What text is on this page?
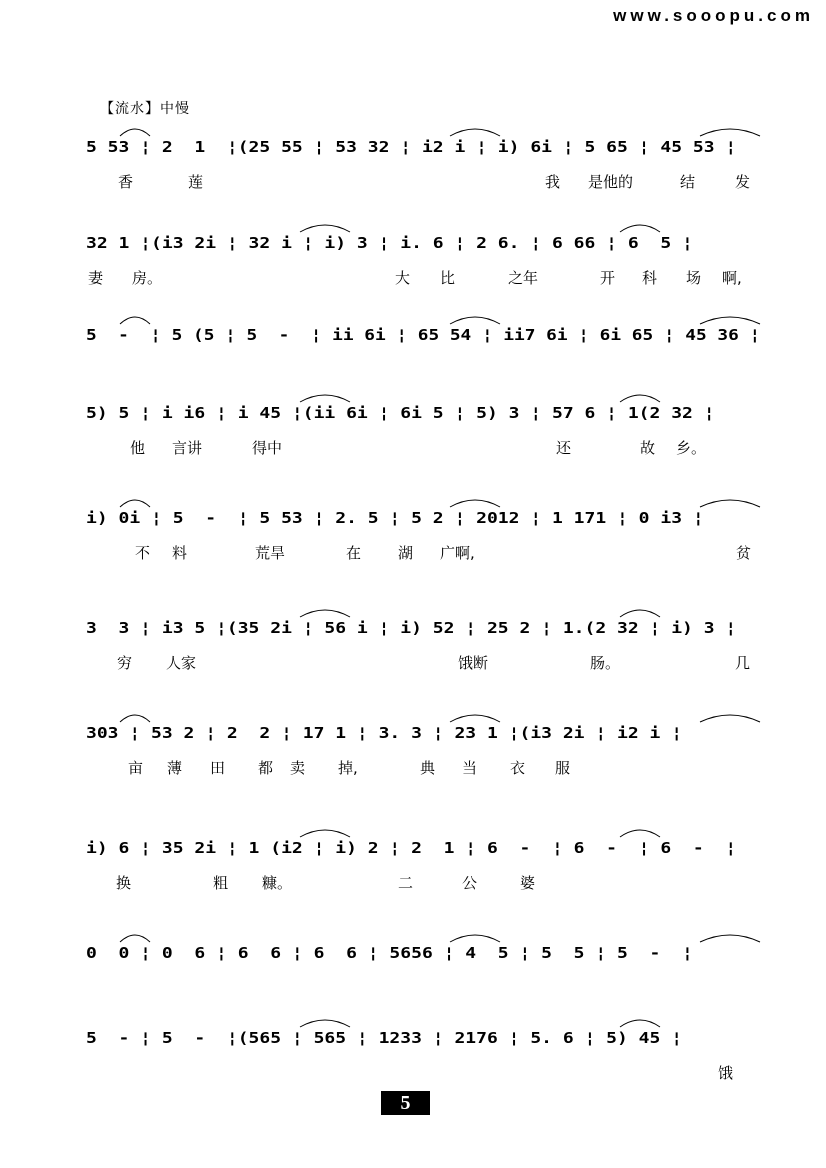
www.sooopu.com
【流水】中慢
5 53 ¦ 2  1  ¦(25 55 ¦ 53 32 ¦ i2 i ¦ i) 6i ¦ 5 65 ¦ 45 53 ¦
香	莲	我 是他的	结	发
32 1 ¦(i3 2i ¦ 32 i ¦ i) 3 ¦ i. 6 ¦ 2 6. ¦ 6 66 ¦ 6  5 ¦
妻 房。	大 比	之年	开 科 场 啊,
5  -  ¦ 5 (5 ¦ 5  -  ¦ ii 6i ¦ 65 54 ¦ ii7 6i ¦ 6i 65 ¦ 45 36 ¦
5) 5 ¦ i i6 ¦ i 45 ¦(ii 6i ¦ 6i 5 ¦ 5) 3 ¦ 57 6 ¦ 1(2 32 ¦
他 言讲	得中	还	故 乡。
i) 0i ¦ 5  -  ¦ 5 53 ¦ 2. 5 ¦ 5 2 ¦ 2012 ¦ 1 171 ¦ 0 i3 ¦
不 料	荒旱	在 湖 广啊,	贫
3  3 ¦ i3 5 ¦(35 2i ¦ 56 i ¦ i) 52 ¦ 25 2 ¦ 1.(2 32 ¦ i) 3 ¦
穷 人家	饿断	肠。	几
303 ¦ 53 2 ¦ 2  2 ¦ 17 1 ¦ 3. 3 ¦ 23 1 ¦(i3 2i ¦ i2 i ¦
亩 薄 田 都 卖 掉,	典 当 衣 服
i) 6 ¦ 35 2i ¦ 1 (i2 ¦ i) 2 ¦ 2  1 ¦ 6  -  ¦ 6  -  ¦ 6  -  ¦
换	粗 糠。	二	公	婆
0  0 ¦ 0  6 ¦ 6  6 ¦ 6  6 ¦ 5656 ¦ 4  5 ¦ 5  5 ¦ 5  -  ¦
5  - ¦ 5  -  ¦(565 ¦ 565 ¦ 1233 ¦ 2176 ¦ 5. 6 ¦ 5) 45 ¦
饿
5
